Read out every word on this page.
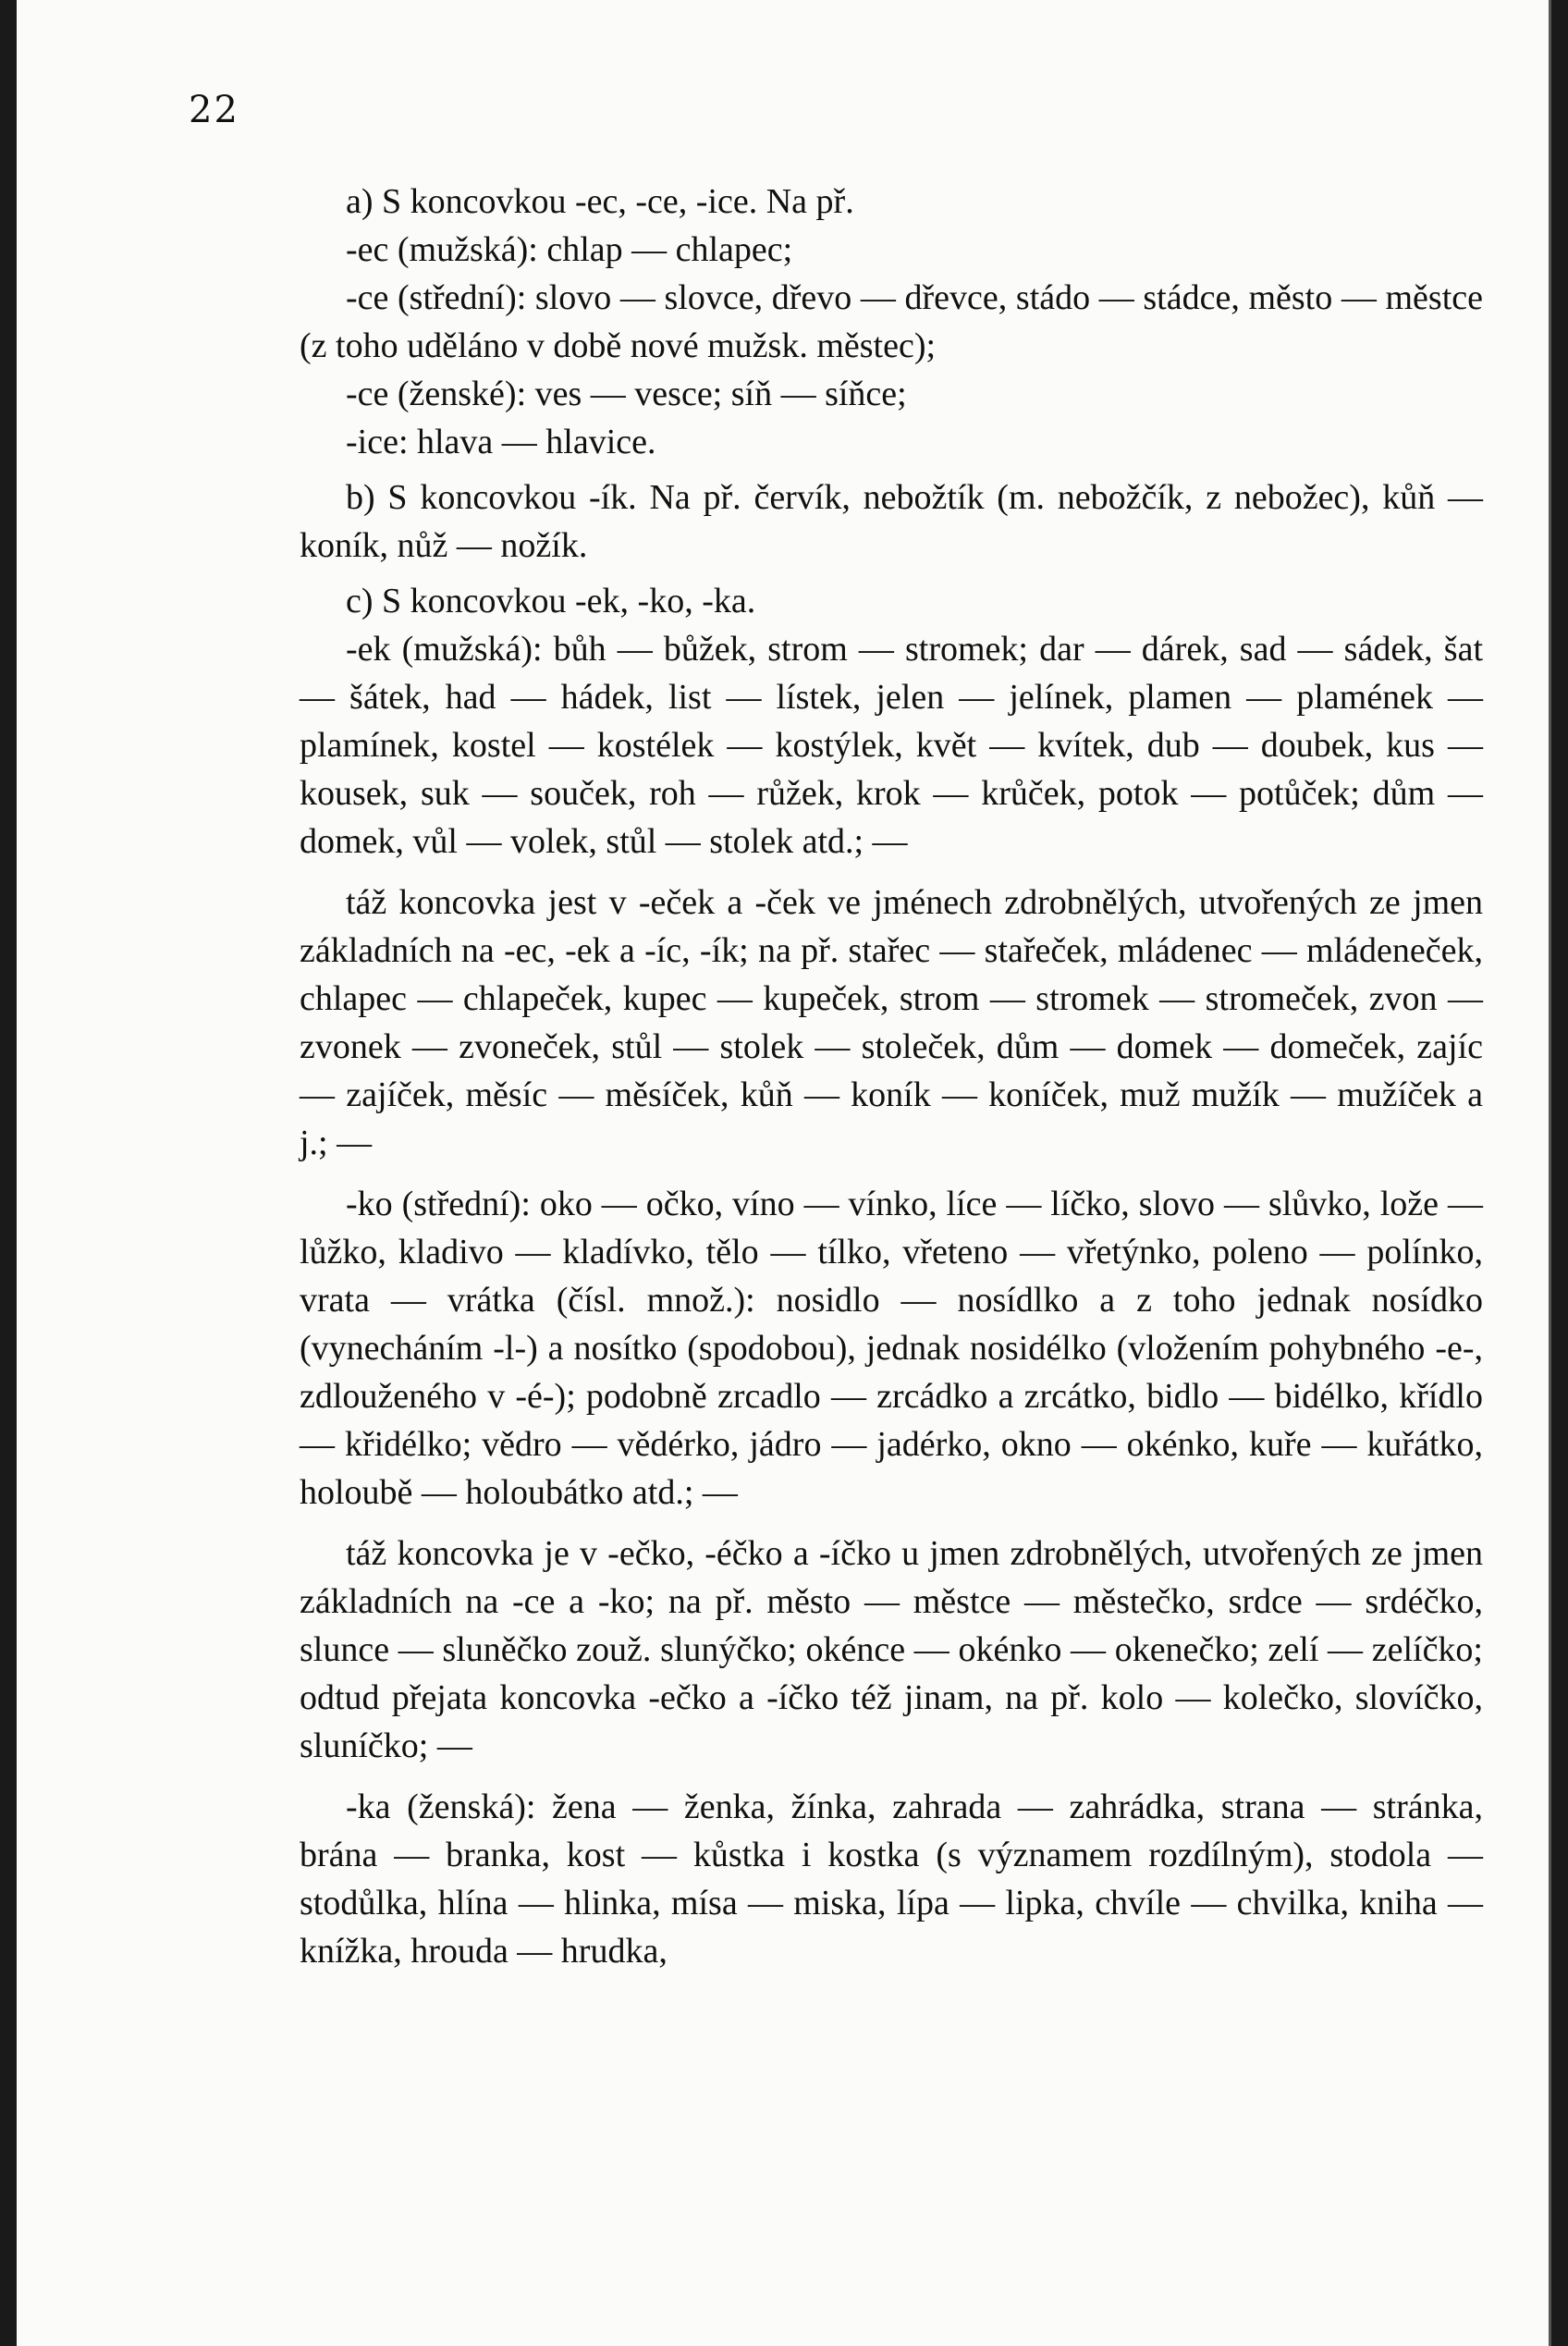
22

a) S koncovkou -ec, -ce, -ice. Na př.

-ec (mužská): chlap — chlapec;

-ce (střední): slovo — slovce, dřevo — dřevce, stádo — stádce, město — městce (z toho uděláno v době nové mužsk. městec);

-ce (ženské): ves — vesce; síň — síňce;

-ice: hlava — hlavice.

b) S koncovkou -ík. Na př. červík, nebožtík (m. nebožčík, z nebožec), kůň — koník, nůž — nožík.

c) S koncovkou -ek, -ko, -ka.

-ek (mužská): bůh — bůžek, strom — stromek; dar — dárek, sad — sádek, šat — šátek, had — hádek, list — lístek, jelen — jelínek, plamen — plamének — plamínek, kostel — kostélek — kostýlek, květ — kvítek, dub — doubek, kus — kousek, suk — souček, roh — růžek, krok — krůček, potok — potůček; dům — domek, vůl — volek, stůl — stolek atd.; —

táž koncovka jest v -eček a -ček ve jménech zdrobnělých, utvořených ze jmen základních na -ec, -ek a -íc, -ík; na př. stařec — stařeček, mládenec — mládeneček, chlapec — chlapeček, kupec — kupeček, strom — stromek — stromeček, zvon — zvonek — zvoneček, stůl — stolek — stoleček, dům — domek — domeček, zajíc — zajíček, měsíc — měsíček, kůň — koník — koníček, muž mužík — mužíček a j.; —

-ko (střední): oko — očko, víno — vínko, líce — líčko, slovo — slůvko, lože — lůžko, kladivo — kladívko, tělo — tílko, vřeteno — vřetýnko, poleno — polínko, vrata — vrátka (čísl. množ.): nosidlo — nosídlko a z toho jednak nosídko (vynecháním -l-) a nosítko (spodobou), jednak nosidélko (vložením pohybného -e-, zdlouženého v -é-); podobně zrcadlo — zrcádko a zrcátko, bidlo — bidélko, křídlo — křidélko; vědro — vědérko, jádro — jadérko, okno — okénko, kuře — kuřátko, holoubě — holoubátko atd.; —

táž koncovka je v -ečko, -éčko a -íčko u jmen zdrobnělých, utvořených ze jmen základních na -ce a -ko; na př. město — městce — městečko, srdce — srdéčko, slunce — sluněčko zouž. slunýčko; okénce — okénko — okenečko; zelí — zelíčko; odtud přejata koncovka -ečko a -íčko též jinam, na př. kolo — kolečko, slovíčko, sluníčko; —

-ka (ženská): žena — ženka, žínka, zahrada — zahrádka, strana — stránka, brána — branka, kost — kůstka i kostka (s významem rozdílným), stodola — stodůlka, hlína — hlinka, mísa — miska, lípa — lipka, chvíle — chvilka, kniha — knížka, hrouda — hrudka,
